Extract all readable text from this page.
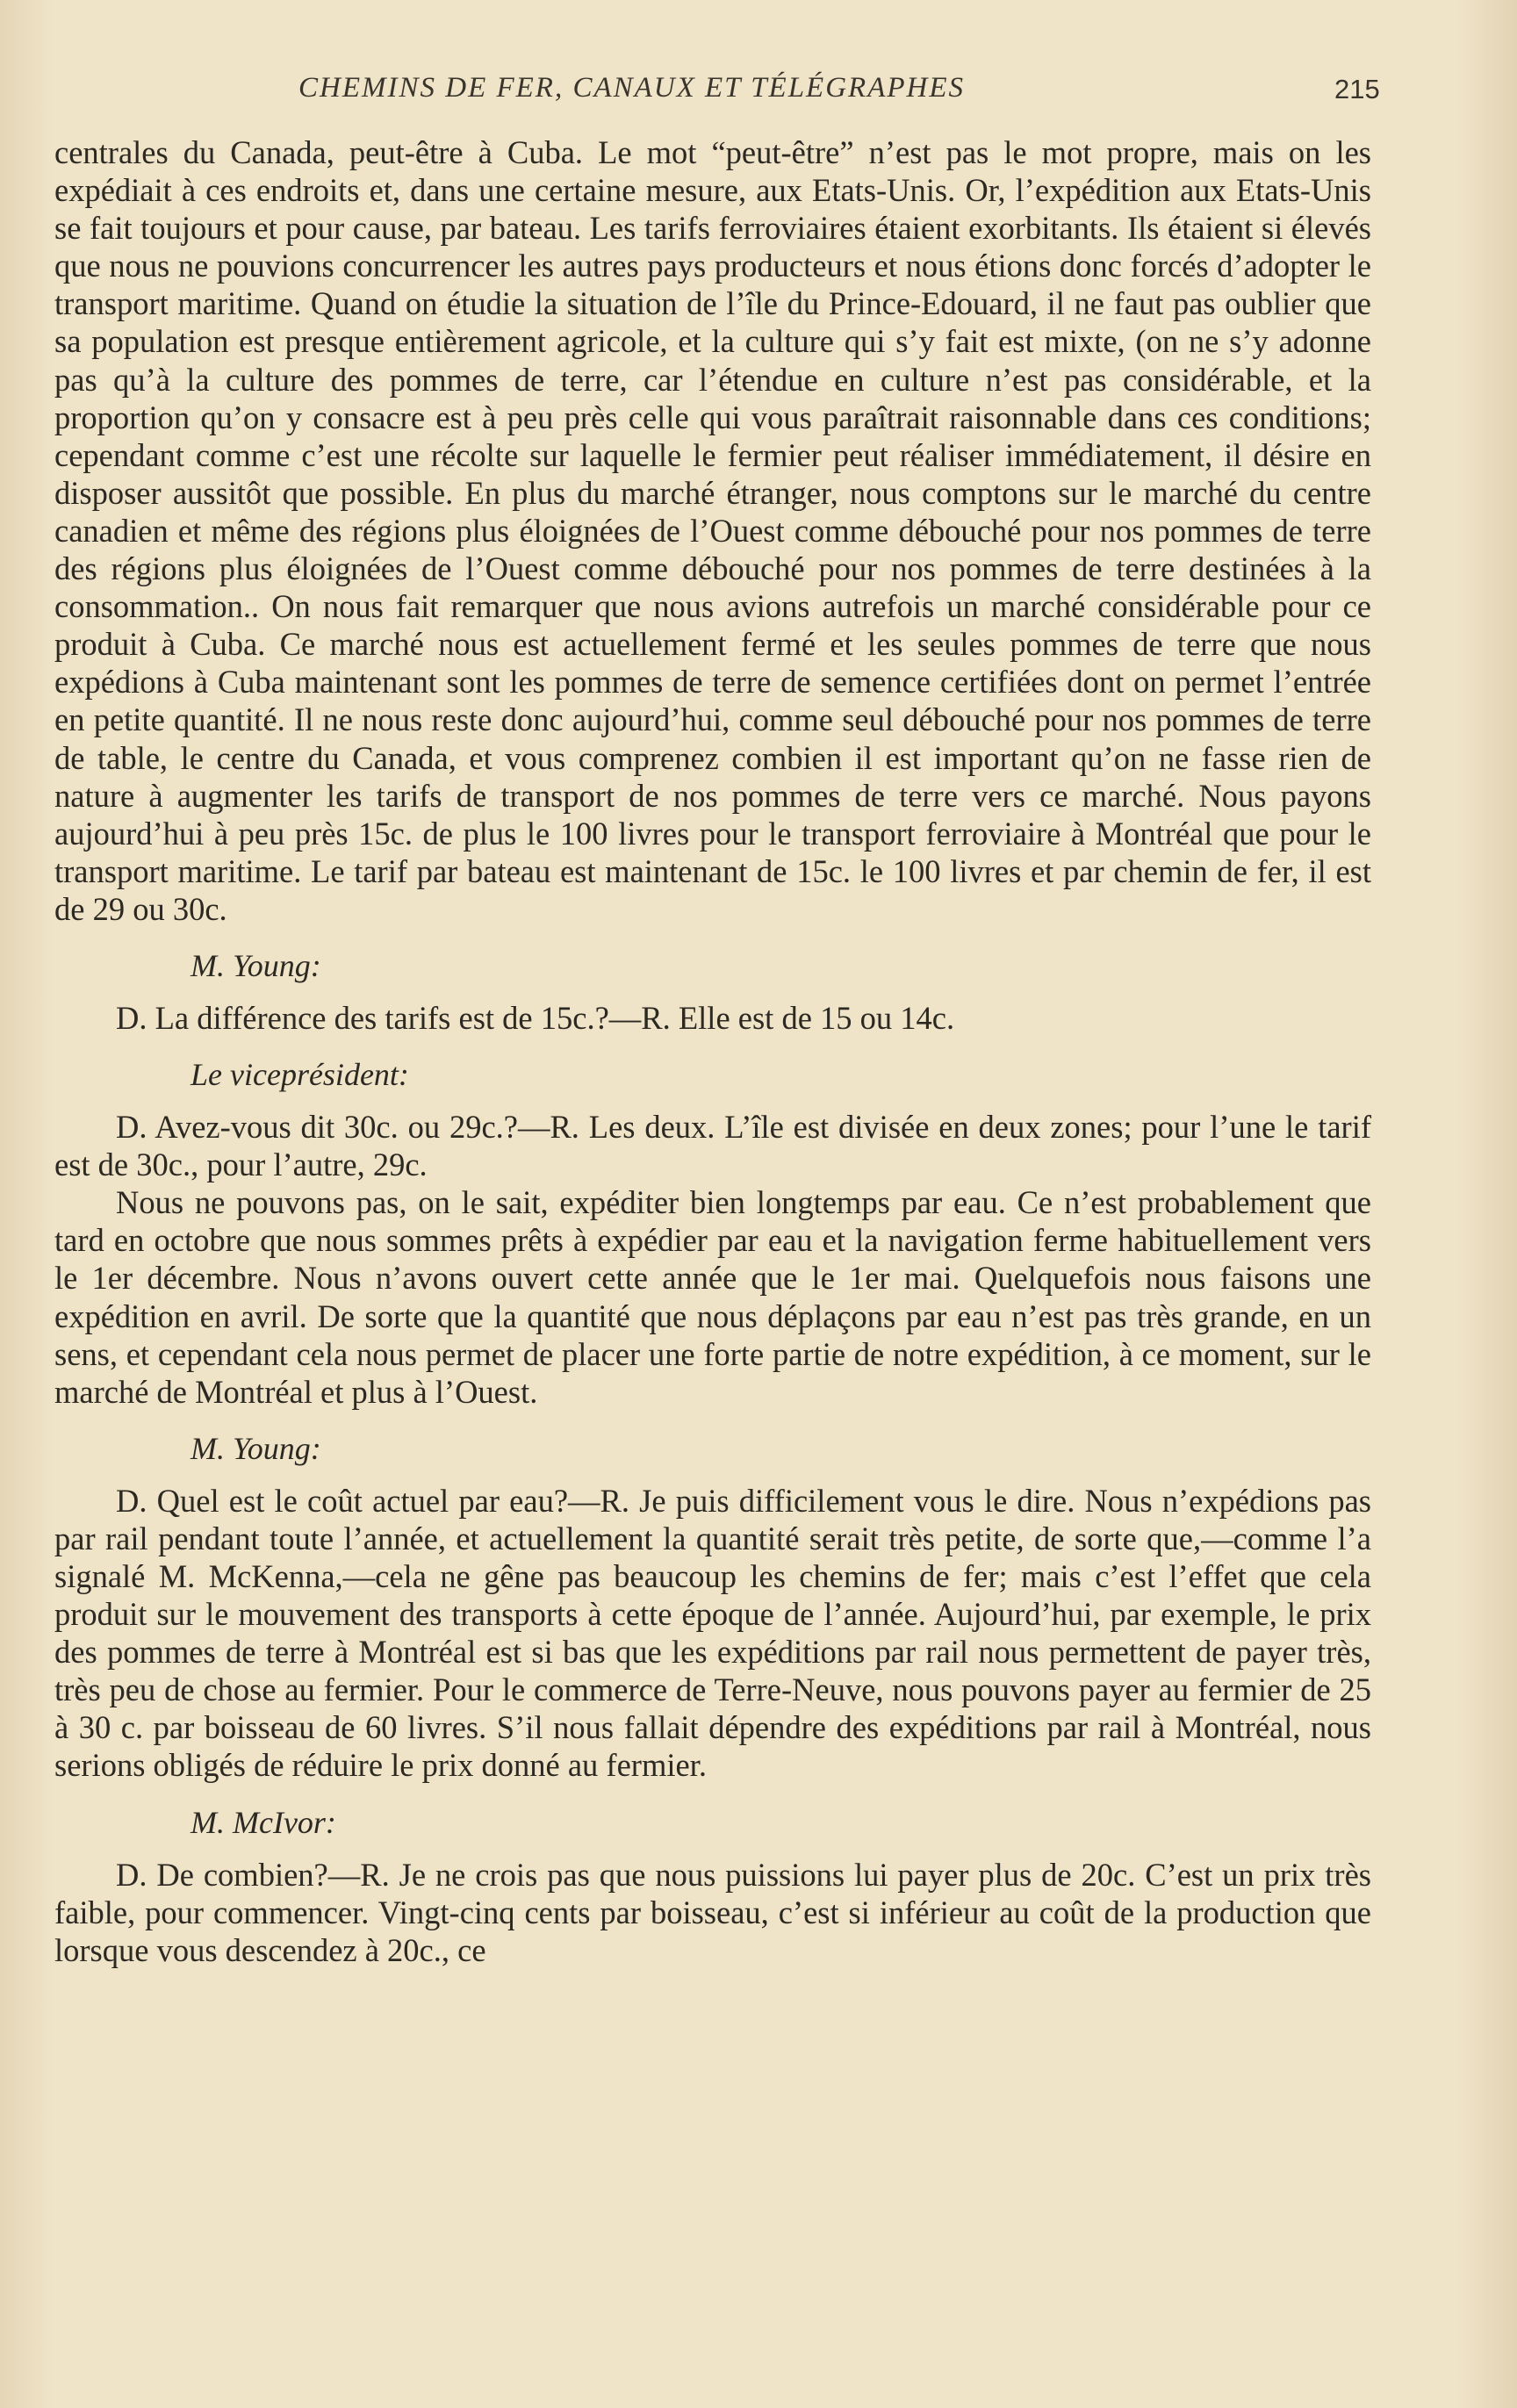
CHEMINS DE FER, CANAUX ET TÉLÉGRAPHES	215

centrales du Canada, peut-être à Cuba. Le mot “peut-être” n’est pas le mot propre, mais on les expédiait à ces endroits et, dans une certaine mesure, aux Etats-Unis. Or, l’expédition aux Etats-Unis se fait toujours et pour cause, par bateau. Les tarifs ferroviaires étaient exorbitants. Ils étaient si élevés que nous ne pouvions concurrencer les autres pays producteurs et nous étions donc forcés d’adopter le transport maritime. Quand on étudie la situation de l’île du Prince-Edouard, il ne faut pas oublier que sa population est presque entièrement agricole, et la culture qui s’y fait est mixte, (on ne s’y adonne pas qu’à la culture des pommes de terre, car l’étendue en culture n’est pas considérable, et la proportion qu’on y consacre est à peu près celle qui vous paraîtrait raisonnable dans ces conditions; cependant comme c’est une récolte sur laquelle le fermier peut réaliser immédiatement, il désire en disposer aussitôt que possible. En plus du marché étranger, nous comptons sur le marché du centre canadien et même des régions plus éloignées de l’Ouest comme débouché pour nos pommes de terre des régions plus éloignées de l’Ouest comme débouché pour nos pommes de terre destinées à la consommation.. On nous fait remarquer que nous avions autrefois un marché considérable pour ce produit à Cuba. Ce marché nous est actuellement fermé et les seules pommes de terre que nous expédions à Cuba maintenant sont les pommes de terre de semence certifiées dont on permet l’entrée en petite quantité. Il ne nous reste donc aujourd’hui, comme seul débouché pour nos pommes de terre de table, le centre du Canada, et vous comprenez combien il est important qu’on ne fasse rien de nature à augmenter les tarifs de transport de nos pommes de terre vers ce marché. Nous payons aujourd’hui à peu près 15c. de plus le 100 livres pour le transport ferroviaire à Montréal que pour le transport maritime. Le tarif par bateau est maintenant de 15c. le 100 livres et par chemin de fer, il est de 29 ou 30c.

M. Young:

D. La différence des tarifs est de 15c.?—R. Elle est de 15 ou 14c.

Le viceprésident:

D. Avez-vous dit 30c. ou 29c.?—R. Les deux. L’île est divisée en deux zones; pour l’une le tarif est de 30c., pour l’autre, 29c.

Nous ne pouvons pas, on le sait, expéditer bien longtemps par eau. Ce n’est probablement que tard en octobre que nous sommes prêts à expédier par eau et la navigation ferme habituellement vers le 1er décembre. Nous n’avons ouvert cette année que le 1er mai. Quelquefois nous faisons une expédition en avril. De sorte que la quantité que nous déplaçons par eau n’est pas très grande, en un sens, et cependant cela nous permet de placer une forte partie de notre expédition, à ce moment, sur le marché de Montréal et plus à l’Ouest.

M. Young:

D. Quel est le coût actuel par eau?—R. Je puis difficilement vous le dire. Nous n’expédions pas par rail pendant toute l’année, et actuellement la quantité serait très petite, de sorte que,—comme l’a signalé M. McKenna,—cela ne gêne pas beaucoup les chemins de fer; mais c’est l’effet que cela produit sur le mouvement des transports à cette époque de l’année. Aujourd’hui, par exemple, le prix des pommes de terre à Montréal est si bas que les expéditions par rail nous permettent de payer très, très peu de chose au fermier. Pour le commerce de Terre-Neuve, nous pouvons payer au fermier de 25 à 30 c. par boisseau de 60 livres. S’il nous fallait dépendre des expéditions par rail à Montréal, nous serions obligés de réduire le prix donné au fermier.

M. McIvor:

D. De combien?—R. Je ne crois pas que nous puissions lui payer plus de 20c. C’est un prix très faible, pour commencer. Vingt-cinq cents par boisseau, c’est si inférieur au coût de la production que lorsque vous descendez à 20c., ce
